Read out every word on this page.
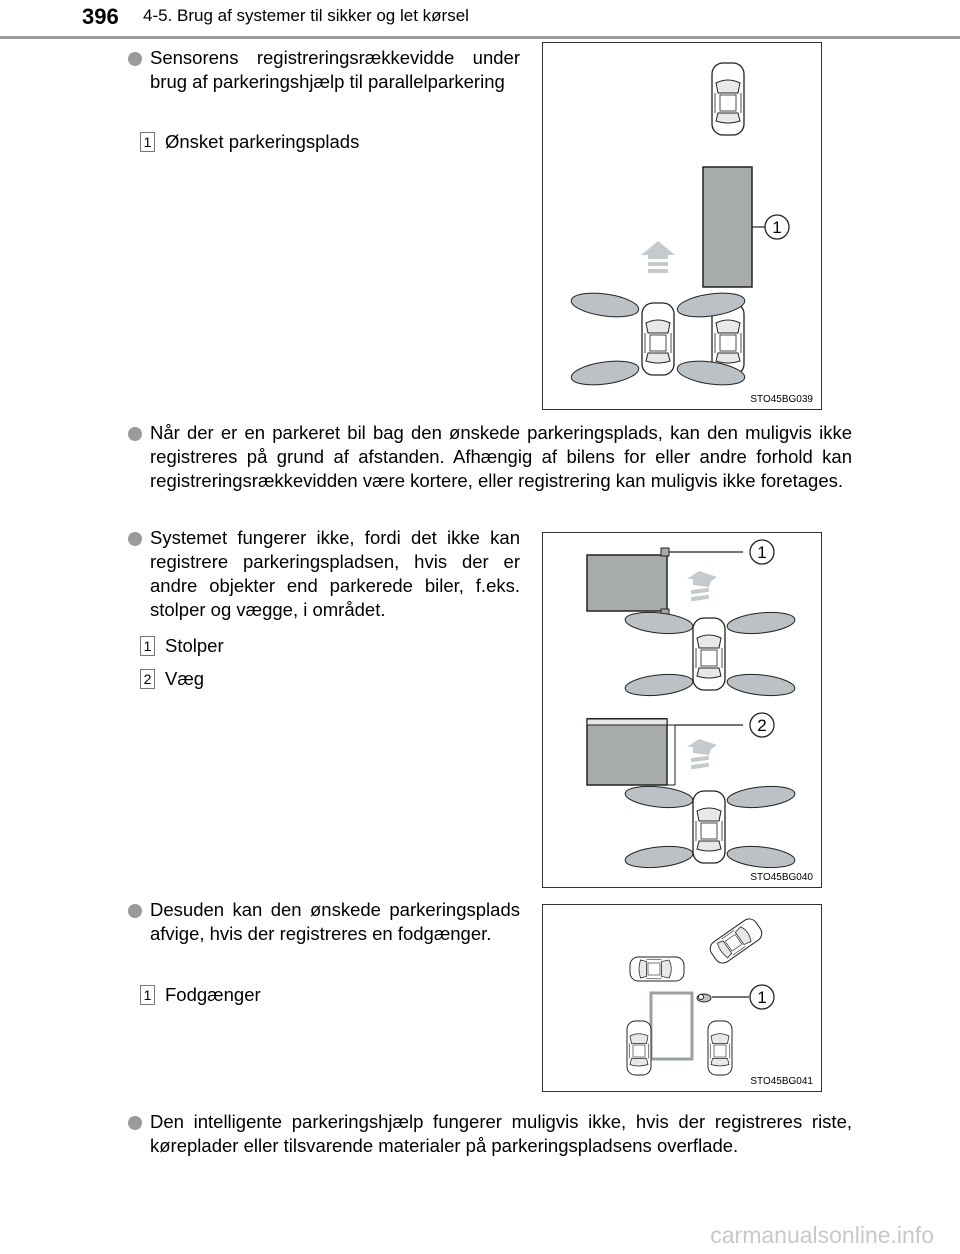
396 4-5. Brug af systemer til sikker og let kørsel
Sensorens registreringsrækkevidde under brug af parkeringshjælp til parallelparkering
1 Ønsket parkeringsplads
1
STO45BG039
Når der er en parkeret bil bag den ønskede parkeringsplads, kan den muligvis ikke registreres på grund af afstanden. Afhængig af bilens for eller andre forhold kan registreringsrækkevidden være kortere, eller registrering kan muligvis ikke foretages.
Systemet fungerer ikke, fordi det ikke kan registrere parkeringspladsen, hvis der er andre objekter end parkerede biler, f.eks. stolper og vægge, i området.
1 Stolper
2 Væg
1
2
STO45BG040
Desuden kan den ønskede parkeringsplads afvige, hvis der registreres en fodgænger.
1 Fodgænger	1
STO45BG041
Den intelligente parkeringshjælp fungerer muligvis ikke, hvis der registreres riste, køreplader eller tilsvarende materialer på parkeringspladsens overflade.
carmanualsonline.info
